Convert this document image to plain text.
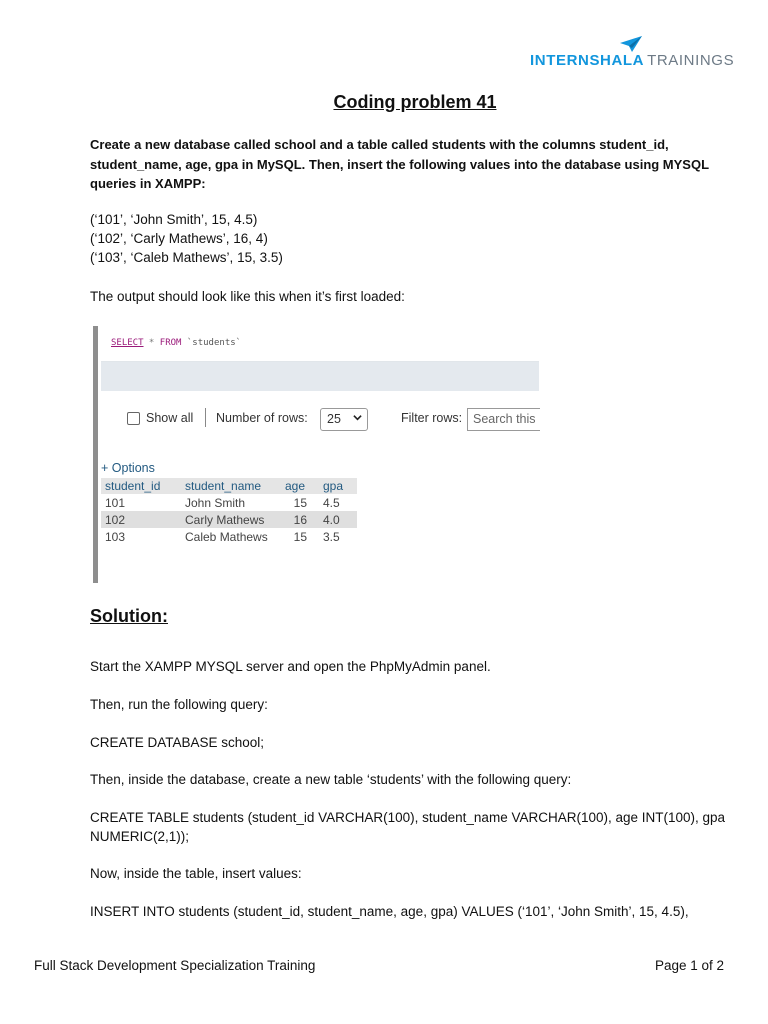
INTERNSHALA TRAININGS
Coding problem 41
Create a new database called school and a table called students with the columns student_id, student_name, age, gpa in MySQL. Then, insert the following values into the database using MYSQL queries in XAMPP:
(‘101’, ‘John Smith’, 15, 4.5)
(‘102’, ‘Carly Mathews’, 16, 4)
(‘103’, ‘Caleb Mathews’, 15, 3.5)
The output should look like this when it’s first loaded:
SELECT * FROM `students`
Show all Number of rows: 25	Filter rows: Search this
+ Options
student_id	student_name	age	gpa
101	John Smith	15	4.5
102	Carly Mathews	16	4.0
103	Caleb Mathews	15	3.5
Solution:
Start the XAMPP MYSQL server and open the PhpMyAdmin panel.
Then, run the following query:
CREATE DATABASE school;
Then, inside the database, create a new table ‘students’ with the following query:
CREATE TABLE students (student_id VARCHAR(100), student_name VARCHAR(100), age INT(100), gpa
NUMERIC(2,1));
Now, inside the table, insert values:
INSERT INTO students (student_id, student_name, age, gpa) VALUES (‘101’, ‘John Smith’, 15, 4.5),
Full Stack Development Specialization Training	Page 1 of 2
